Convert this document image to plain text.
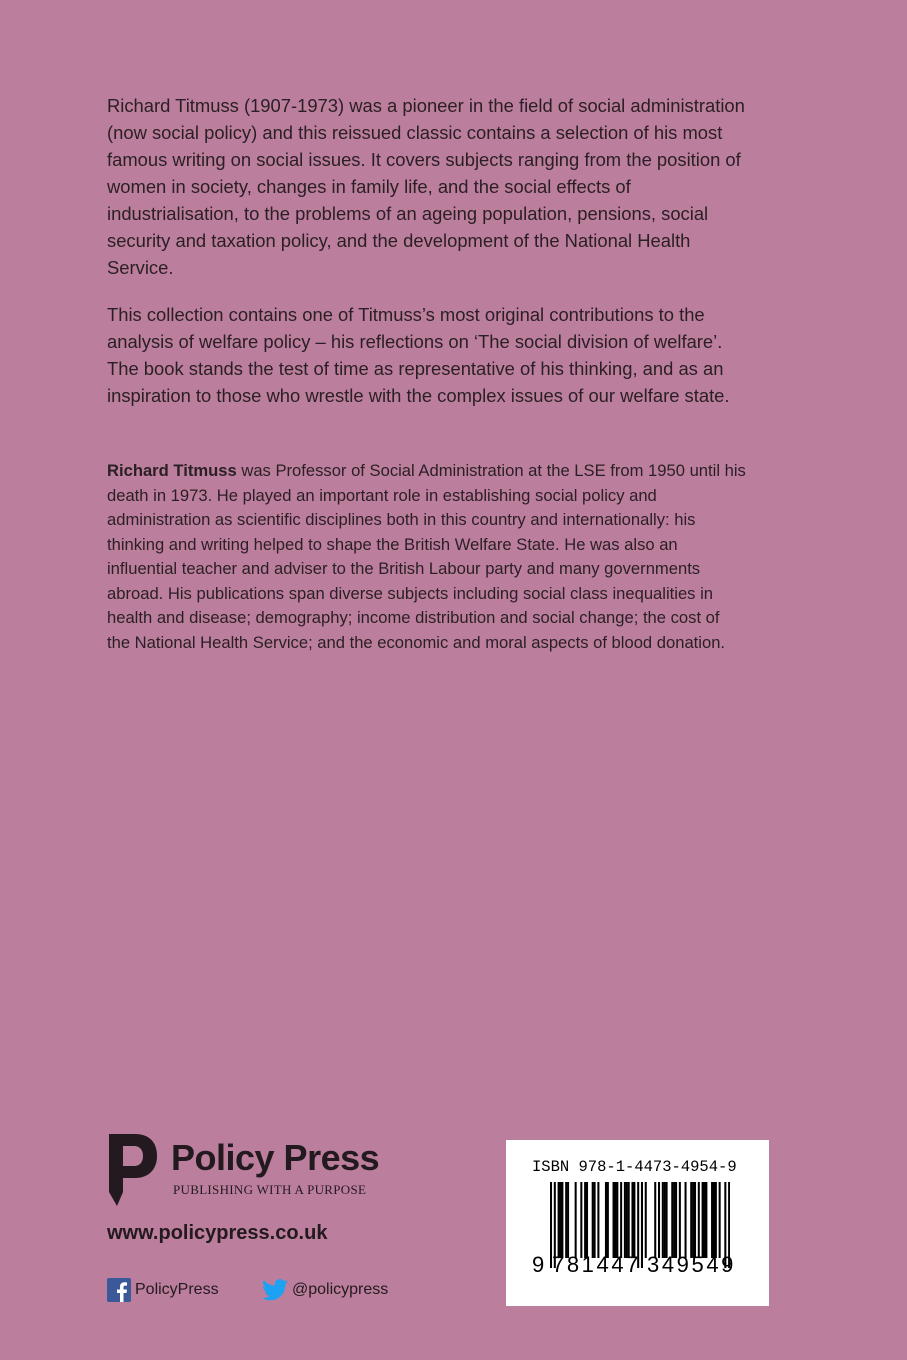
Richard Titmuss (1907-1973) was a pioneer in the field of social administration (now social policy) and this reissued classic contains a selection of his most famous writing on social issues. It covers subjects ranging from the position of women in society, changes in family life, and the social effects of industrialisation, to the problems of an ageing population, pensions, social security and taxation policy, and the development of the National Health Service.

This collection contains one of Titmuss’s most original contributions to the analysis of welfare policy – his reflections on ‘The social division of welfare’. The book stands the test of time as representative of his thinking, and as an inspiration to those who wrestle with the complex issues of our welfare state.

Richard Titmuss was Professor of Social Administration at the LSE from 1950 until his death in 1973. He played an important role in establishing social policy and administration as scientific disciplines both in this country and internationally: his thinking and writing helped to shape the British Welfare State. He was also an influential teacher and adviser to the British Labour party and many governments abroad. His publications span diverse subjects including social class inequalities in health and disease; demography; income distribution and social change; the cost of the National Health Service; and the economic and moral aspects of blood donation.
Policy Press
PUBLISHING WITH A PURPOSE
www.policypress.co.uk
PolicyPress	@policypress
ISBN 978-1-4473-4954-9
9 781447 349549
